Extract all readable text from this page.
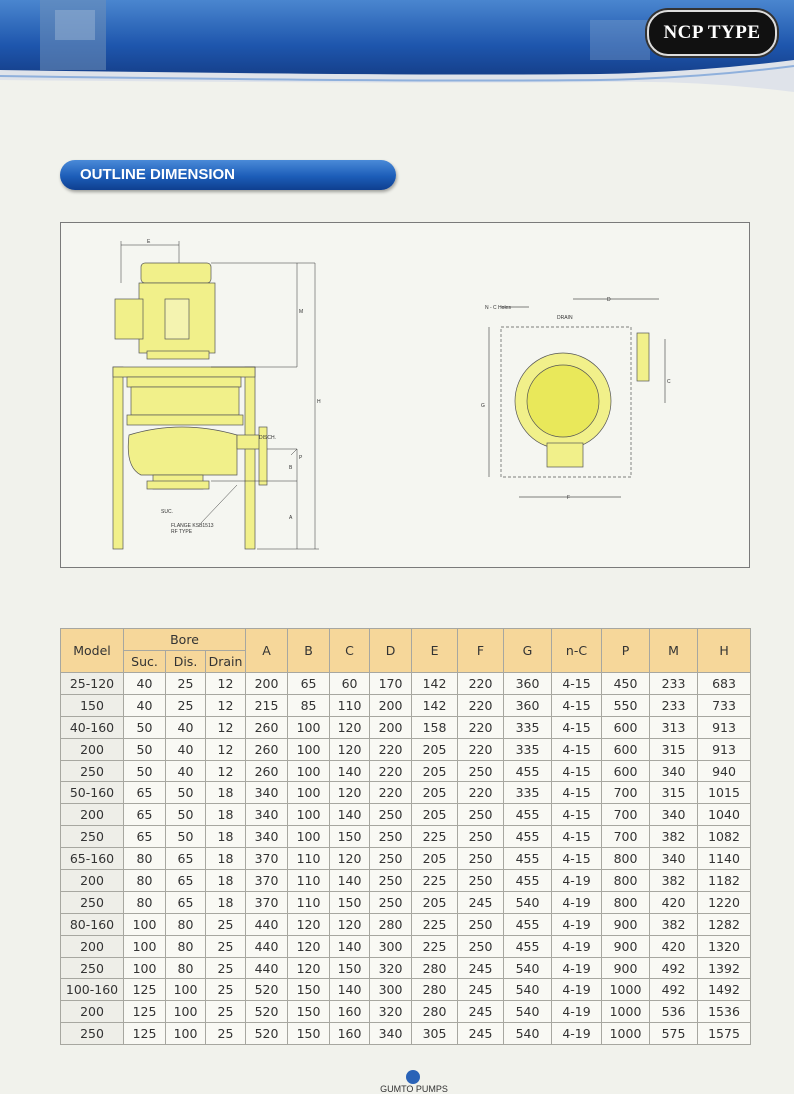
NCP TYPE
OUTLINE DIMENSION
E
M
H
P
B
A
DISCH.
SUC.
FLANGE KSB1513
RF TYPE
N - C Holes
DRAIN
D
C
G
F
Model	Bore			A	B	C	D	E	F	G	n-C	P	M	H
	Suc.	Dis.	Drain											
25-120	40	25	12	200	65	60	170	142	220	360	4-15	450	233	683
150	40	25	12	215	85	110	200	142	220	360	4-15	550	233	733
40-160	50	40	12	260	100	120	200	158	220	335	4-15	600	313	913
200	50	40	12	260	100	120	220	205	220	335	4-15	600	315	913
250	50	40	12	260	100	140	220	205	250	455	4-15	600	340	940
50-160	65	50	18	340	100	120	220	205	220	335	4-15	700	315	1015
200	65	50	18	340	100	140	250	205	250	455	4-15	700	340	1040
250	65	50	18	340	100	150	250	225	250	455	4-15	700	382	1082
65-160	80	65	18	370	110	120	250	205	250	455	4-15	800	340	1140
200	80	65	18	370	110	140	250	225	250	455	4-19	800	382	1182
250	80	65	18	370	110	150	250	205	245	540	4-19	800	420	1220
80-160	100	80	25	440	120	120	280	225	250	455	4-19	900	382	1282
200	100	80	25	440	120	140	300	225	250	455	4-19	900	420	1320
250	100	80	25	440	120	150	320	280	245	540	4-19	900	492	1392
100-160	125	100	25	520	150	140	300	280	245	540	4-19	1000	492	1492
200	125	100	25	520	150	160	320	280	245	540	4-19	1000	536	1536
250	125	100	25	520	150	160	340	305	245	540	4-19	1000	575	1575
GUMTO PUMPS
